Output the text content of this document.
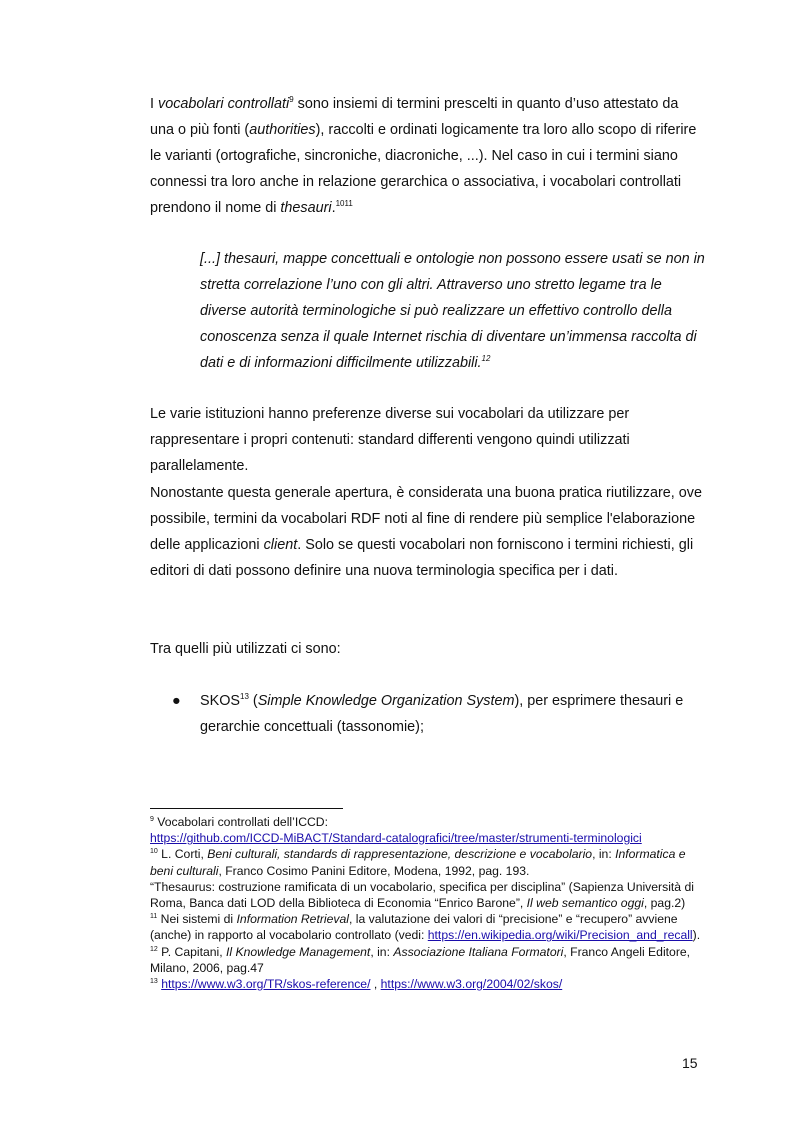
I vocabolari controllati$^9$ sono insiemi di termini prescelti in quanto d’uso attestato da una o più fonti (authorities), raccolti e ordinati logicamente tra loro allo scopo di riferire le varianti (ortografiche, sincroniche, diacroniche, ...). Nel caso in cui i termini siano connessi tra loro anche in relazione gerarchica o associativa, i vocabolari controllati prendono il nome di thesauri.$^{1011}$
[...] thesauri, mappe concettuali e ontologie non possono essere usati se non in stretta correlazione l’uno con gli altri. Attraverso uno stretto legame tra le diverse autorità terminologiche si può realizzare un effettivo controllo della conoscenza senza il quale Internet rischia di diventare un’immensa raccolta di dati e di informazioni difficilmente utilizzabili.$^{12}$
Le varie istituzioni hanno preferenze diverse sui vocabolari da utilizzare per rappresentare i propri contenuti: standard differenti vengono quindi utilizzati parallelamente.
Nonostante questa generale apertura, è considerata una buona pratica riutilizzare, ove possibile, termini da vocabolari RDF noti al fine di rendere più semplice l'elaborazione delle applicazioni client. Solo se questi vocabolari non forniscono i termini richiesti, gli editori di dati possono definire una nuova terminologia specifica per i dati.
Tra quelli più utilizzati ci sono:
● SKOS$^{13}$ (Simple Knowledge Organization System), per esprimere thesauri e gerarchie concettuali (tassonomie);

$^9$ Vocabolari controllati dell’ICCD:
https://github.com/ICCD-MiBACT/Standard-catalografici/tree/master/strumenti-terminologici

$^{10}$ L. Corti, Beni culturali, standards di rappresentazione, descrizione e vocabolario, in: Informatica e beni culturali, Franco Cosimo Panini Editore, Modena, 1992, pag. 193.
“Thesaurus: costruzione ramificata di un vocabolario, specifica per disciplina” (Sapienza Università di Roma, Banca dati LOD della Biblioteca di Economia “Enrico Barone”, Il web semantico oggi, pag.2)

$^{11}$ Nei sistemi di Information Retrieval, la valutazione dei valori di “precisione” e “recupero” avviene (anche) in rapporto al vocabolario controllato (vedi: https://en.wikipedia.org/wiki/Precision_and_recall).

$^{12}$ P. Capitani, Il Knowledge Management, in: Associazione Italiana Formatori, Franco Angeli Editore, Milano, 2006, pag.47

$^{13}$ https://www.w3.org/TR/skos-reference/ , https://www.w3.org/2004/02/skos/

15
